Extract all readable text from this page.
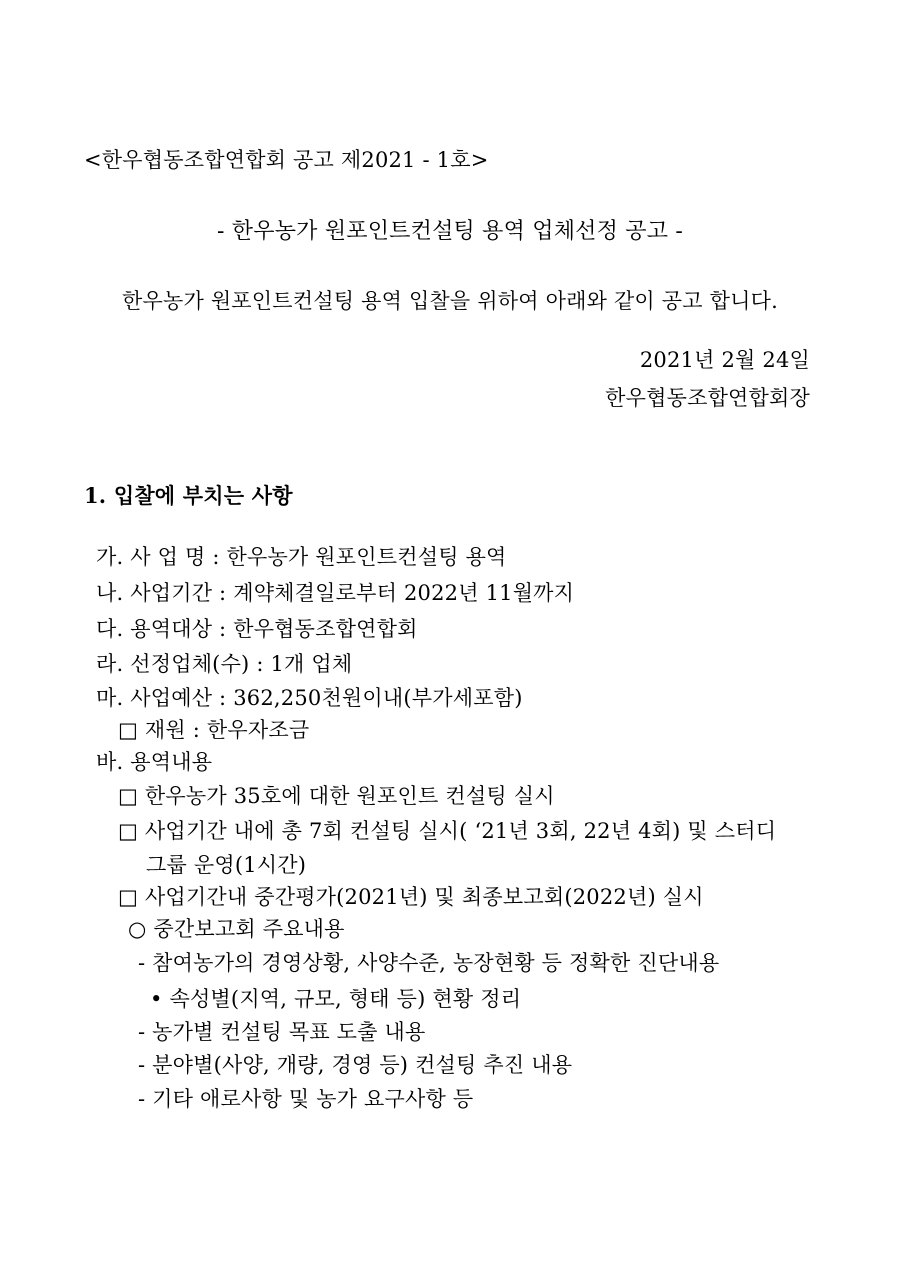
<한우협동조합연합회 공고 제2021 - 1호>
- 한우농가 원포인트컨설팅 용역 업체선정 공고 -
한우농가 원포인트컨설팅 용역 입찰을 위하여 아래와 같이 공고 합니다.
2021년 2월 24일
한우협동조합연합회장
1. 입찰에 부치는 사항
가. 사 업 명 : 한우농가 원포인트컨설팅 용역
나. 사업기간 : 계약체결일로부터 2022년 11월까지
다. 용역대상 : 한우협동조합연합회
라. 선정업체(수) : 1개 업체
마. 사업예산 : 362,250천원이내(부가세포함)
□ 재원 : 한우자조금
바. 용역내용
□ 한우농가 35호에 대한 원포인트 컨설팅 실시
□ 사업기간 내에 총 7회 컨설팅 실시( ‘21년 3회, 22년 4회) 및 스터디
그룹 운영(1시간)
□ 사업기간내 중간평가(2021년) 및 최종보고회(2022년) 실시
○ 중간보고회 주요내용
- 참여농가의 경영상황, 사양수준, 농장현황 등 정확한 진단내용
• 속성별(지역, 규모, 형태 등) 현황 정리
- 농가별 컨설팅 목표 도출 내용
- 분야별(사양, 개량, 경영 등) 컨설팅 추진 내용
- 기타 애로사항 및 농가 요구사항 등
